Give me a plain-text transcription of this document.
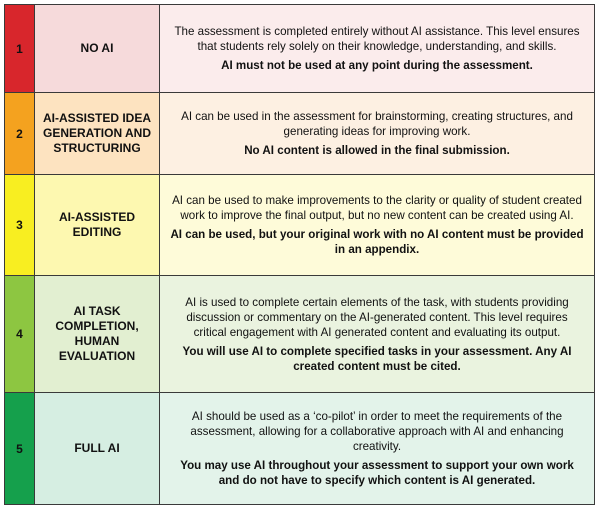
1	NO AI	The assessment is completed entirely without AI assistance. This level ensures that students rely solely on their knowledge, understanding, and skills.
AI must not be used at any point during the assessment.

2	AI-ASSISTED IDEA GENERATION AND STRUCTURING	AI can be used in the assessment for brainstorming, creating structures, and generating ideas for improving work.
No AI content is allowed in the final submission.

3	AI-ASSISTED EDITING	AI can be used to make improvements to the clarity or quality of student created work to improve the final output, but no new content can be created using AI.
AI can be used, but your original work with no AI content must be provided in an appendix.

4	AI TASK COMPLETION, HUMAN EVALUATION	AI is used to complete certain elements of the task, with students providing discussion or commentary on the AI-generated content. This level requires critical engagement with AI generated content and evaluating its output.
You will use AI to complete specified tasks in your assessment. Any AI created content must be cited.

5	FULL AI	AI should be used as a ‘co-pilot’ in order to meet the requirements of the assessment, allowing for a collaborative approach with AI and enhancing creativity.
You may use AI throughout your assessment to support your own work and do not have to specify which content is AI generated.
